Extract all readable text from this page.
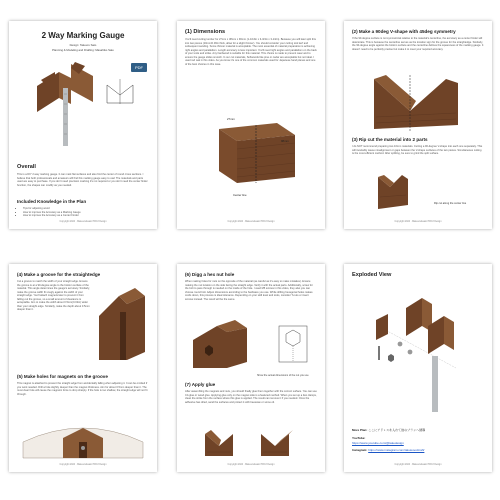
2 Way Marking Gauge
Design: Takeuru Sato
Planning & Modeling and Drafting: Masahiko Sato
PDF
Overall
This is a DIY 2-way marking gauge. It can mark flat surfaces and also find the center of round cross sections. I believe that both professionals and amateurs will find this marking gauge easy to use! The materials and parts used are easy to purchase. If you don't need precision marking it's not required or you don't need the center finder function, the shapes can modify as you needed.
Included Knowledge in the Plan
• Tips for adjusting wood
• How to improve the Accuracy as a Marking Gauge
• How to improve the Accuracy as a Center Finder
Copyright 2024 · Makeuru&sato PROJ Design
(1) Dimensions
You'll need cutting lumber for 27mm x 38mm x 90mm (1-1/16in x 3-3/4in x 3-1/2in). Because you will later split this into two pieces (10mm/0.39in thick, allow for a slight thinner). You should consider your cutting tool kerf and subsequent sanding. Some thinner material is acceptable. The most essential of material preparation is achieving right angles and parallelism. Length accuracy is less important. You'll need right angles and parallelism on the back of your tools and strike. Any hardwood is suitable for this material. This choice is made to prevent wear and to ensure the gauge slides smooth. In our cut materials, Softwoods like pine or cedar are acceptable but not ideal. I used red oak in this video. As you know it's one of the common materials used for Japanese hand planes and one of the best choices in this case.
27mm
98mm
Center line
Copyright 2024 · Makeuru&sato PROJ Design
(2) Make a 90deg V-shape with 45deg symmetry
If the 90-degree surface is not symmetrical relative to the material's centerline, the accuracy as a center finder will deteriorate. This is because the centerline serves as the location sign for the groove for the straightedge. Similarly, the 90-degree angle against the bottom surface and the centerline defines the squareness of the marking gauge. It doesn't need to be perfectly precise but make it to meet your required accuracy.
(3) Rip cut the material into 2 parts
I do NOT recommend preparing two 10mm materials. Cutting a 90-degree V-shape into each one separately. This will inevitably cause misalignment or gaps between the V-shape surfaces of the two pieces. Simultaneous cutting is the most efficient method. After splitting, be sure to grind the split surface.
Rip cut along the center line
Copyright 2024 · Makeuru&sato PROJ Design
(4) Make a groove for the straightedge
Cut a groove to match the width of your straight edge. Ensure the groove is at a 90-degree angle to the bottom surface of the material. This angle determines the gauge's accuracy. Similarly, make the groove width fit snugly against the width of your straight edge. You'll attach magnets later to prevent it from falling out the groove, so a small amount of clearance is acceptable. Aim to make the width about 0.5mm(0.02in) wider than your straight edge. Similarly, make the depth about 0.5mm deeper than it.
(5) Make holes for magnets on the groove
This magnet is attached to prevent the straight edge from accidentally falling when adjusting it. It can be omitted if you work needed. Drill a hole slightly deeper than the magnet thickness. Aim for about 0.5mm deeper than it. The must clear hole will cause the magnetic force to drop sharply. If the hole is too shallow, the straight edge will not fit through.
Copyright 2024 · Makeuru&sato PROJ Design
(6) Digg a hex nut hole
When making holes for nuts on the opposite of the material (as careful as it's easy to make mistakes). Ensure making the nut location on the side facing the straight edge. Verify it with the actual parts. Additionally, screw for the bolt to pass through is needed on the inside of the hole. I used M5 screws in this video, they also you can choose round bolt. Adjust dimensions according to the hardware you use. While drilling hexagonal holes makes cords down, this process is ideal tolerance. Depending on your skill level and tools, consider T-nuts or insert screws instead. The result will be the same.
Show the actual dimensions of the nut you use
(7) Apply glue
After assembling the magnets and nuts, you should finally glue them together with the correct surface. You can use CA glue or wood glue. Applying glue only on the magnet side is a featured method. When you set up a few clamps, clean the strike from the surface where this glue is applied. The result can remove it if you needed. Once the adhesive has dried, sand the surfaces and protect it with beeswax or some oil.
Copyright 2024 · Makeuru&sato PROJ Design
Exploded View
More Plan: ここにアドレスを入れて他のプランへ誘導
YouTube:
https://www.youtube.com/@takedesign
Instagram: https://www.instagram.com/takuwoodcraft/
Copyright 2024 · Makeuru&sato PROJ Design
